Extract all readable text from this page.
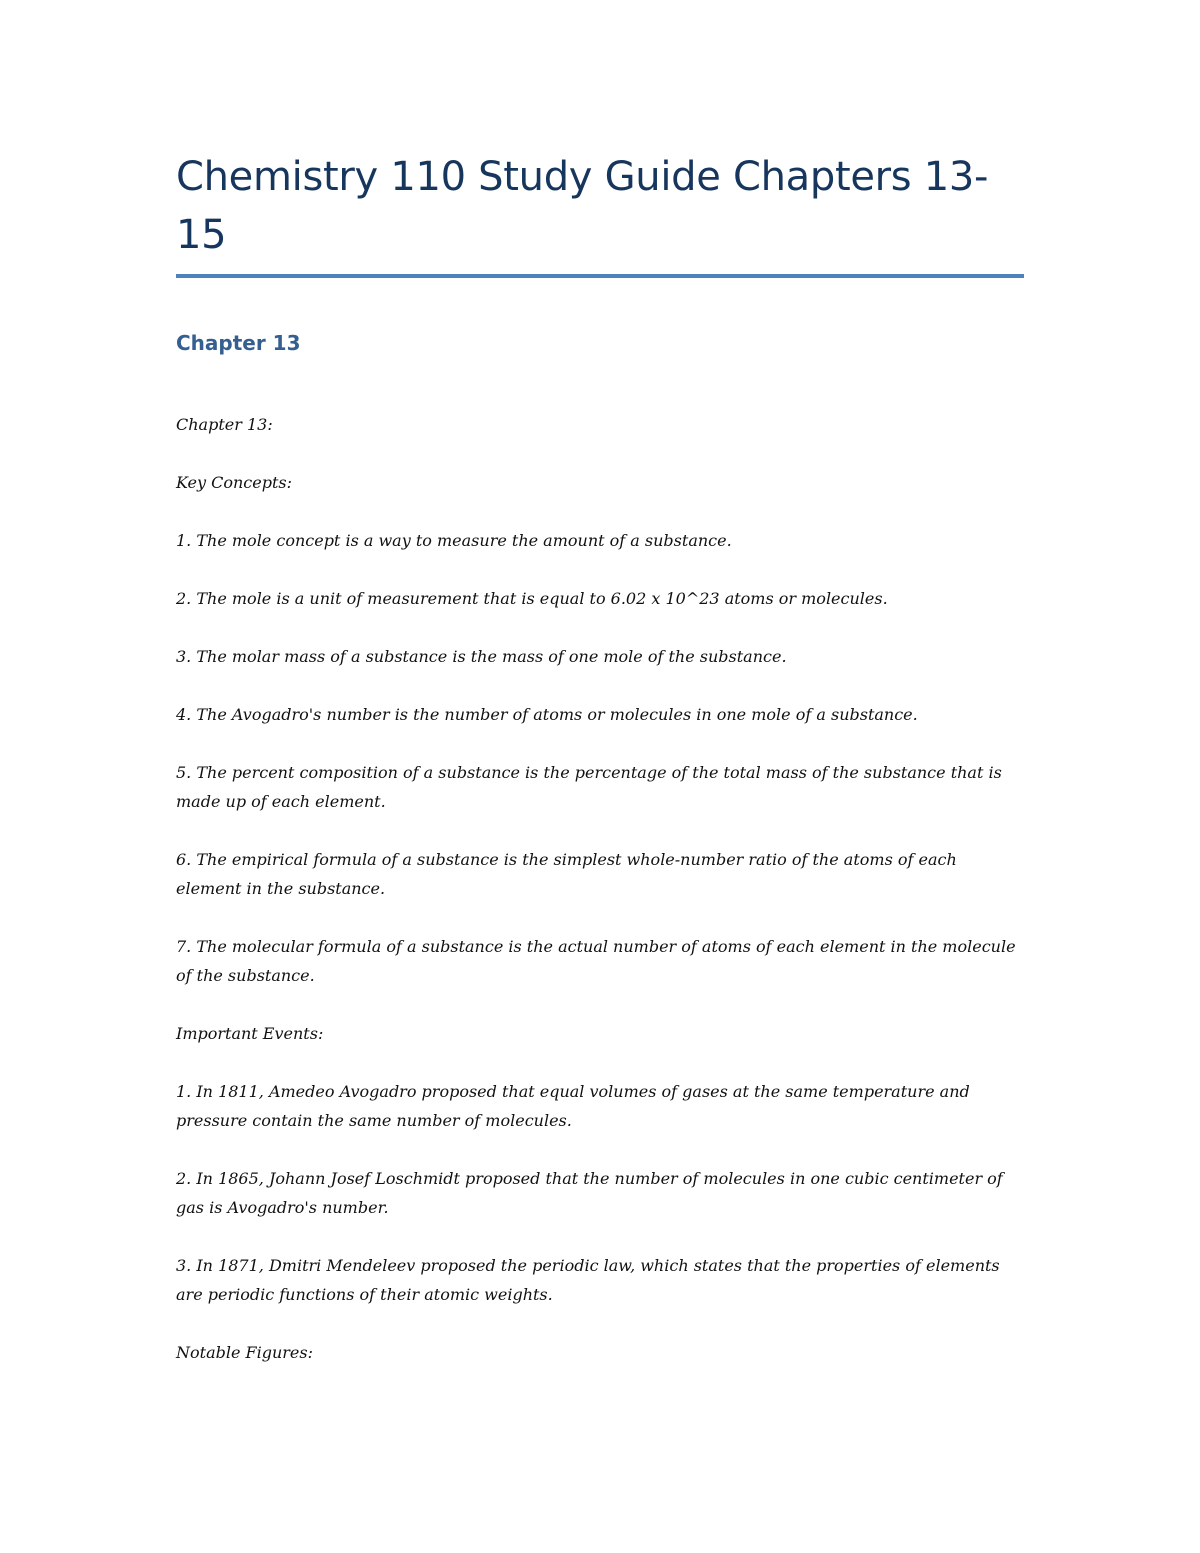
Chemistry 110 Study Guide Chapters 13-15
Chapter 13

Chapter 13:

Key Concepts:

1. The mole concept is a way to measure the amount of a substance.

2. The mole is a unit of measurement that is equal to 6.02 x 10^23 atoms or molecules.

3. The molar mass of a substance is the mass of one mole of the substance.

4. The Avogadro's number is the number of atoms or molecules in one mole of a substance.

5. The percent composition of a substance is the percentage of the total mass of the substance that is made up of each element.

6. The empirical formula of a substance is the simplest whole-number ratio of the atoms of each element in the substance.

7. The molecular formula of a substance is the actual number of atoms of each element in the molecule of the substance.

Important Events:

1. In 1811, Amedeo Avogadro proposed that equal volumes of gases at the same temperature and pressure contain the same number of molecules.

2. In 1865, Johann Josef Loschmidt proposed that the number of molecules in one cubic centimeter of gas is Avogadro's number.

3. In 1871, Dmitri Mendeleev proposed the periodic law, which states that the properties of elements are periodic functions of their atomic weights.

Notable Figures:
